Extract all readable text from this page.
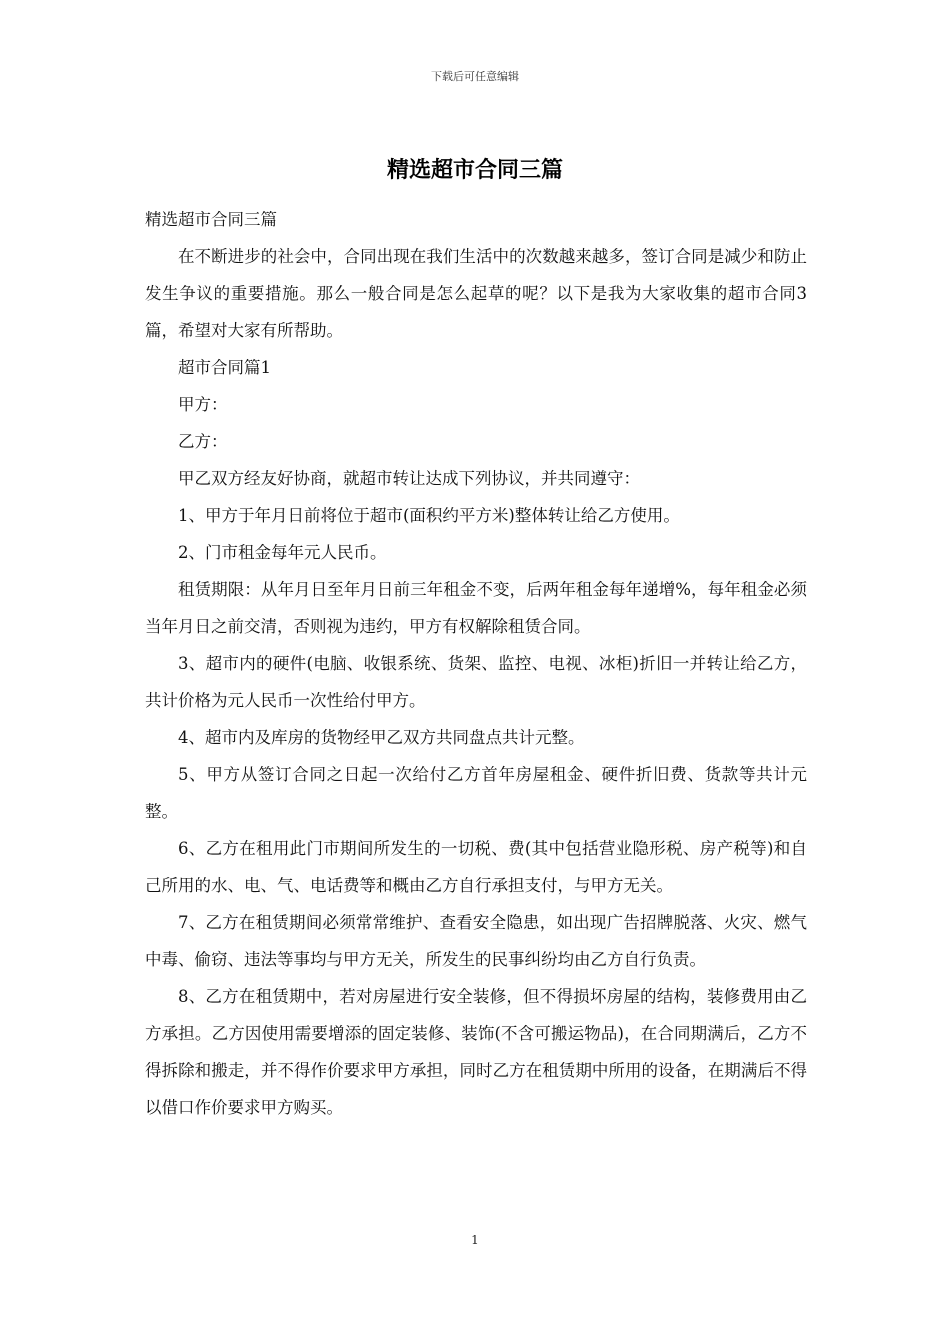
下载后可任意编辑
精选超市合同三篇

精选超市合同三篇

在不断进步的社会中，合同出现在我们生活中的次数越来越多，签订合同是减少和防止发生争议的重要措施。那么一般合同是怎么起草的呢？以下是我为大家收集的超市合同3篇，希望对大家有所帮助。

超市合同篇1

甲方：

乙方：

甲乙双方经友好协商，就超市转让达成下列协议，并共同遵守：

1、甲方于年月日前将位于超市(面积约平方米)整体转让给乙方使用。

2、门市租金每年元人民币。

租赁期限：从年月日至年月日前三年租金不变，后两年租金每年递增%，每年租金必须当年月日之前交清，否则视为违约，甲方有权解除租赁合同。

3、超市内的硬件(电脑、收银系统、货架、监控、电视、冰柜)折旧一并转让给乙方，共计价格为元人民币一次性给付甲方。

4、超市内及库房的货物经甲乙双方共同盘点共计元整。

5、甲方从签订合同之日起一次给付乙方首年房屋租金、硬件折旧费、货款等共计元整。

6、乙方在租用此门市期间所发生的一切税、费(其中包括营业隐形税、房产税等)和自己所用的水、电、气、电话费等和概由乙方自行承担支付，与甲方无关。

7、乙方在租赁期间必须常常维护、查看安全隐患，如出现广告招牌脱落、火灾、燃气中毒、偷窃、违法等事均与甲方无关，所发生的民事纠纷均由乙方自行负责。

8、乙方在租赁期中，若对房屋进行安全装修，但不得损坏房屋的结构，装修费用由乙方承担。乙方因使用需要增添的固定装修、装饰(不含可搬运物品)，在合同期满后，乙方不得拆除和搬走，并不得作价要求甲方承担，同时乙方在租赁期中所用的设备，在期满后不得以借口作价要求甲方购买。

1
